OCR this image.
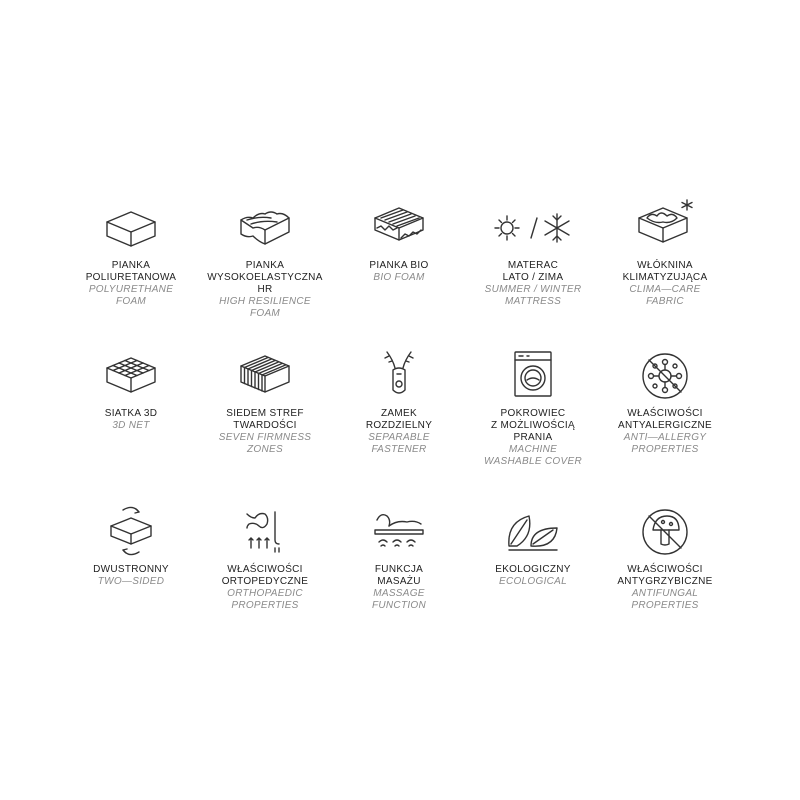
PIANKA
POLIURETANOWA
POLYURETHANE
FOAM
PIANKA
WYSOKOELASTYCZNA
HR
HIGH RESILIENCE
FOAM
PIANKA BIO
BIO FOAM
MATERAC
LATO / ZIMA
SUMMER / WINTER
MATTRESS
WŁÓKNINA
KLIMATYZUJĄCA
CLIMA—CARE
FABRIC
SIATKA 3D
3D NET
SIEDEM STREF
TWARDOŚCI
SEVEN FIRMNESS
ZONES
ZAMEK
ROZDZIELNY
SEPARABLE
FASTENER
POKROWIEC
Z MOŻLIWOŚCIĄ
PRANIA
MACHINE
WASHABLE COVER
WŁAŚCIWOŚCI
ANTYALERGICZNE
ANTI—ALLERGY
PROPERTIES
DWUSTRONNY
TWO—SIDED
WŁAŚCIWOŚCI
ORTOPEDYCZNE
ORTHOPAEDIC
PROPERTIES
FUNKCJA
MASAŻU
MASSAGE
FUNCTION
EKOLOGICZNY
ECOLOGICAL
WŁAŚCIWOŚCI
ANTYGRZYBICZNE
ANTIFUNGAL
PROPERTIES
